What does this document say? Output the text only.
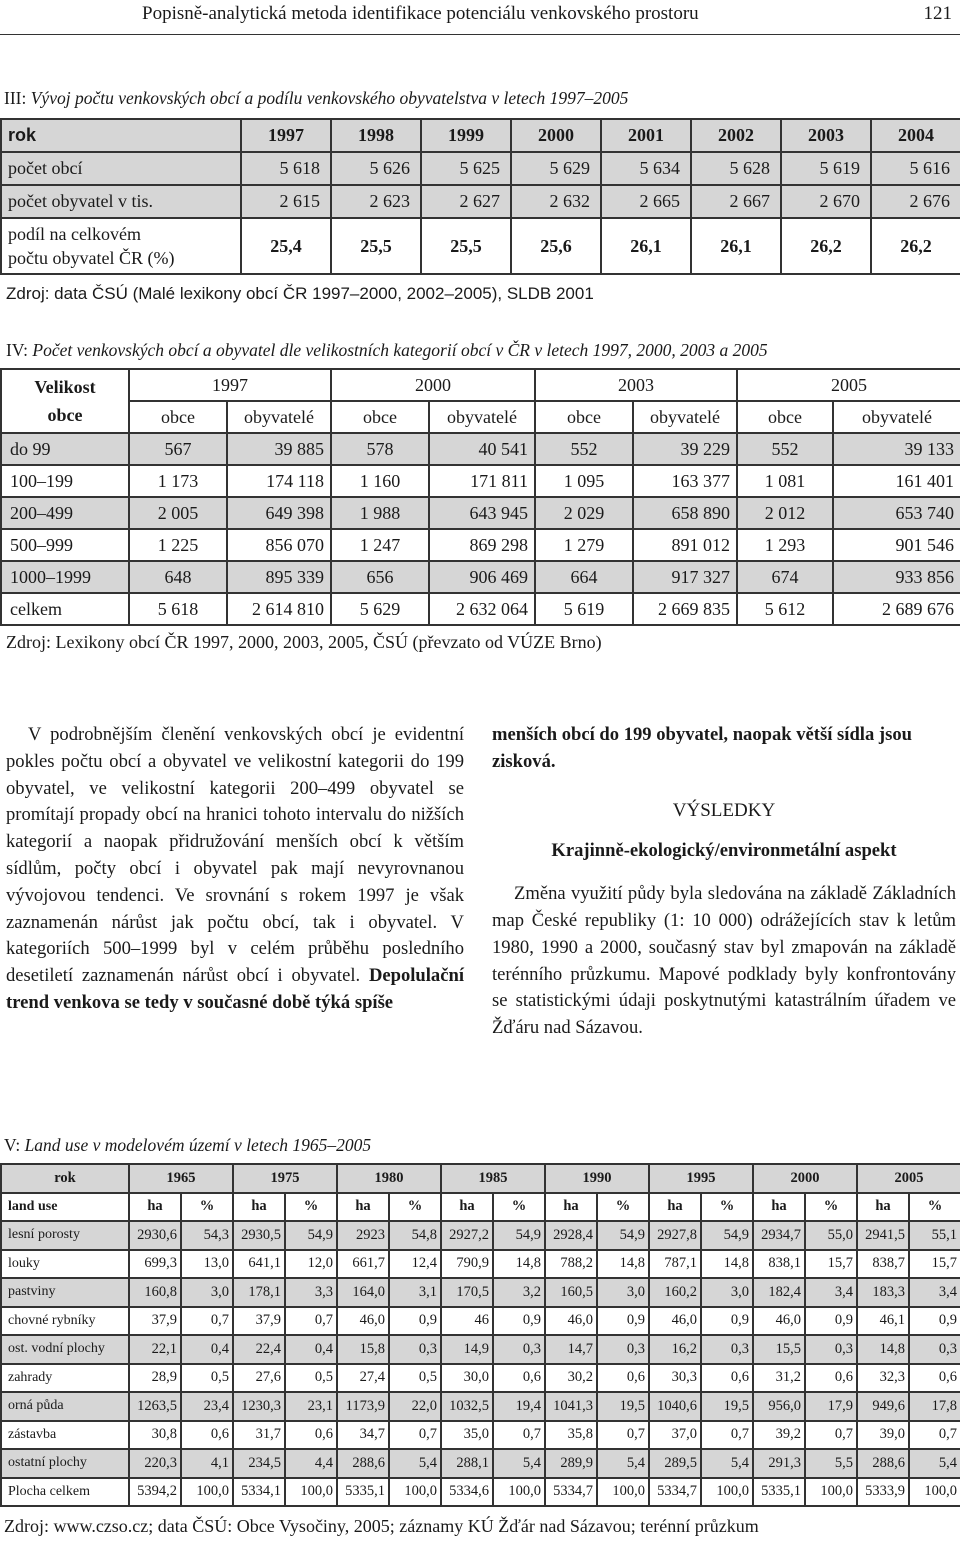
Popisně-analytická metoda identifikace potenciálu venkovského prostoru	121
III: Vývoj počtu venkovských obcí a podílu venkovského obyvatelstva v letech 1997–2005
rok	1997	1998	1999	2000	2001	2002	2003	2004
počet obcí	5 618	5 626	5 625	5 629	5 634	5 628	5 619	5 616
počet obyvatel v tis.	2 615	2 623	2 627	2 632	2 665	2 667	2 670	2 676

podíl na celkovém
počtu obyvatel ČR (%)	25,4	25,5	25,5	25,6	26,1	26,1	26,2	26,2
Zdroj: data ČSÚ (Malé lexikony obcí ČR 1997–2000, 2002–2005), SLDB 2001
IV: Počet venkovských obcí a obyvatel dle velikostních kategorií obcí v ČR v letech 1997, 2000, 2003 a 2005
Velikost
obce	1997		2000		2003		2005	
	obce	obyvatelé	obce	obyvatelé	obce	obyvatelé	obce	obyvatelé
do 99	567	39 885	578	40 541	552	39 229	552	39 133
100–199	1 173	174 118	1 160	171 811	1 095	163 377	1 081	161 401
200–499	2 005	649 398	1 988	643 945	2 029	658 890	2 012	653 740
500–999	1 225	856 070	1 247	869 298	1 279	891 012	1 293	901 546
1000–1999	648	895 339	656	906 469	664	917 327	674	933 856
celkem	5 618	2 614 810	5 629	2 632 064	5 619	2 669 835	5 612	2 689 676
Zdroj: Lexikony obcí ČR 1997, 2000, 2003, 2005, ČSÚ (převzato od VÚZE Brno)

V podrobnějším členění venkovských obcí je evidentní pokles počtu obcí a obyvatel ve velikostní kategorii do 199 obyvatel, ve velikostní kategorii 200–499 obyvatel se promítají propady obcí na hranici tohoto intervalu do nižších kategorií a naopak přidružování menších obcí k větším sídlům, počty obcí i obyvatel pak mají nevyrovnanou vývojovou tendenci. Ve srovnání s rokem 1997 je však zaznamenán nárůst jak počtu obcí, tak i obyvatel. V kategoriích 500–1999 byl v celém průběhu posledního desetiletí zaznamenán nárůst obcí i obyvatel. Depolulační trend venkova se tedy v současné době týká spíše

menších obcí do 199 obyvatel, naopak větší sídla jsou zisková.

VÝSLEDKY

Krajinně-ekologický/environmetální aspekt

Změna využití půdy byla sledována na základě Základních map České republiky (1: 10 000) odrážejících stav k letům 1980, 1990 a 2000, současný stav byl zmapován na základě terénního průzkumu. Mapové podklady byly konfrontovány se statistickými údaji poskytnutými katastrálním úřadem ve Žďáru nad Sázavou.

V: Land use v modelovém území v letech 1965–2005
rok	1965		1975		1980		1985		1990		1995		2000		2005	
land use	ha	%	ha	%	ha	%	ha	%	ha	%	ha	%	ha	%	ha	%
lesní porosty	2930,6	54,3	2930,5	54,9	2923	54,8	2927,2	54,9	2928,4	54,9	2927,8	54,9	2934,7	55,0	2941,5	55,1
louky	699,3	13,0	641,1	12,0	661,7	12,4	790,9	14,8	788,2	14,8	787,1	14,8	838,1	15,7	838,7	15,7
pastviny	160,8	3,0	178,1	3,3	164,0	3,1	170,5	3,2	160,5	3,0	160,2	3,0	182,4	3,4	183,3	3,4
chovné rybníky	37,9	0,7	37,9	0,7	46,0	0,9	46	0,9	46,0	0,9	46,0	0,9	46,0	0,9	46,1	0,9
ost. vodní plochy	22,1	0,4	22,4	0,4	15,8	0,3	14,9	0,3	14,7	0,3	16,2	0,3	15,5	0,3	14,8	0,3
zahrady	28,9	0,5	27,6	0,5	27,4	0,5	30,0	0,6	30,2	0,6	30,3	0,6	31,2	0,6	32,3	0,6
orná půda	1263,5	23,4	1230,3	23,1	1173,9	22,0	1032,5	19,4	1041,3	19,5	1040,6	19,5	956,0	17,9	949,6	17,8
zástavba	30,8	0,6	31,7	0,6	34,7	0,7	35,0	0,7	35,8	0,7	37,0	0,7	39,2	0,7	39,0	0,7
ostatní plochy	220,3	4,1	234,5	4,4	288,6	5,4	288,1	5,4	289,9	5,4	289,5	5,4	291,3	5,5	288,6	5,4
Plocha celkem	5394,2	100,0	5334,1	100,0	5335,1	100,0	5334,6	100,0	5334,7	100,0	5334,7	100,0	5335,1	100,0	5333,9	100,0
Zdroj: www.czso.cz; data ČSÚ: Obce Vysočiny, 2005; záznamy KÚ Žďár nad Sázavou; terénní průzkum
